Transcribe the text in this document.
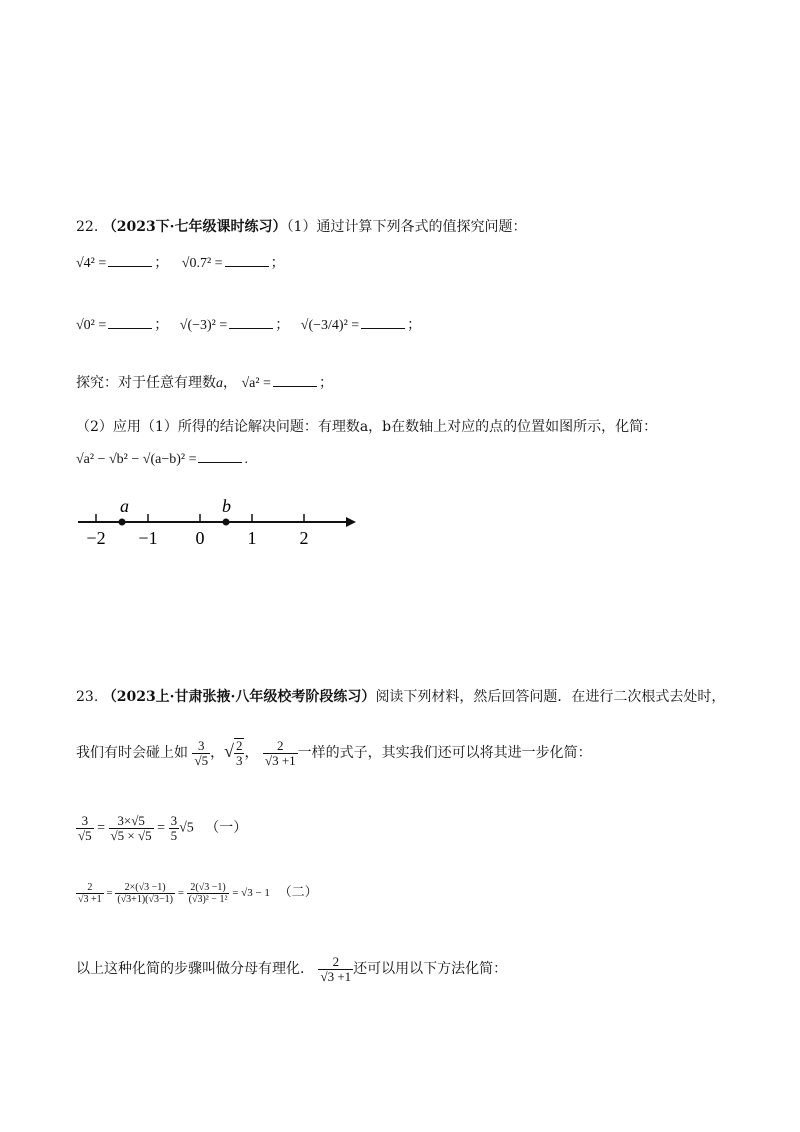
22. （2023下·七年级课时练习）（1）通过计算下列各式的值探究问题：
√4² =	； √0.7² =	；
√0² =	； √(−3)² =	； √(−3/4)² =	；
探究：对于任意有理数a， √a² =	；
（2）应用（1）所得的结论解决问题：有理数a，b在数轴上对应的点的位置如图所示，化简：
√a² − √b² − √(a−b)² =	.
−2 −1 0 1 2
a	b
23. （2023上·甘肃张掖·八年级校考阶段练习）阅读下列材料，然后回答问题．在进行二次根式去处时，
我们有时会碰上如 $\frac{3}{√5}$ ，√ $\frac{2}{3}$ ， $\frac{2}{√3 +1}$ 一样的式子，其实我们还可以将其进一步化简：
$\frac{3}{√5} = \frac{3\times√5}{√5 \times √5} = \frac{3}{5} √5$ （一）
$\frac{2}{√3 +1} = \frac{2\times(√3 -1)}{(√3+1)(√3-1)} = \frac{2(√3 -1)}{\text{(√3)² − 1²}} = √3 - 1$ （二）
以上这种化简的步骤叫做分母有理化． $\frac{2}{√3 +1}$ 还可以用以下方法化简：
